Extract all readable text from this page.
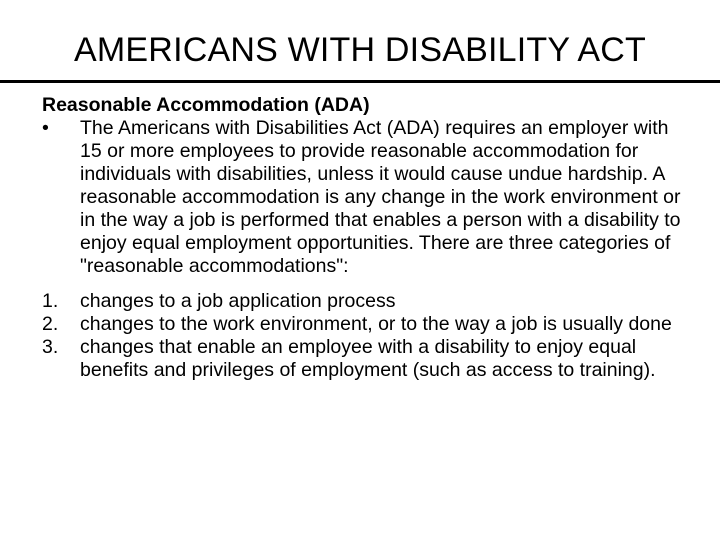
AMERICANS WITH DISABILITY ACT

Reasonable Accommodation (ADA)

•	The Americans with Disabilities Act (ADA) requires an employer with 15 or more employees to provide reasonable accommodation for individuals with disabilities, unless it would cause undue hardship. A reasonable accommodation is any change in the work environment or in the way a job is performed that enables a person with a disability to enjoy equal employment opportunities. There are three categories of "reasonable accommodations":
1.	changes to a job application process
2.	changes to the work environment, or to the way a job is usually done
3.	changes that enable an employee with a disability to enjoy equal benefits and privileges of employment (such as access to training).
